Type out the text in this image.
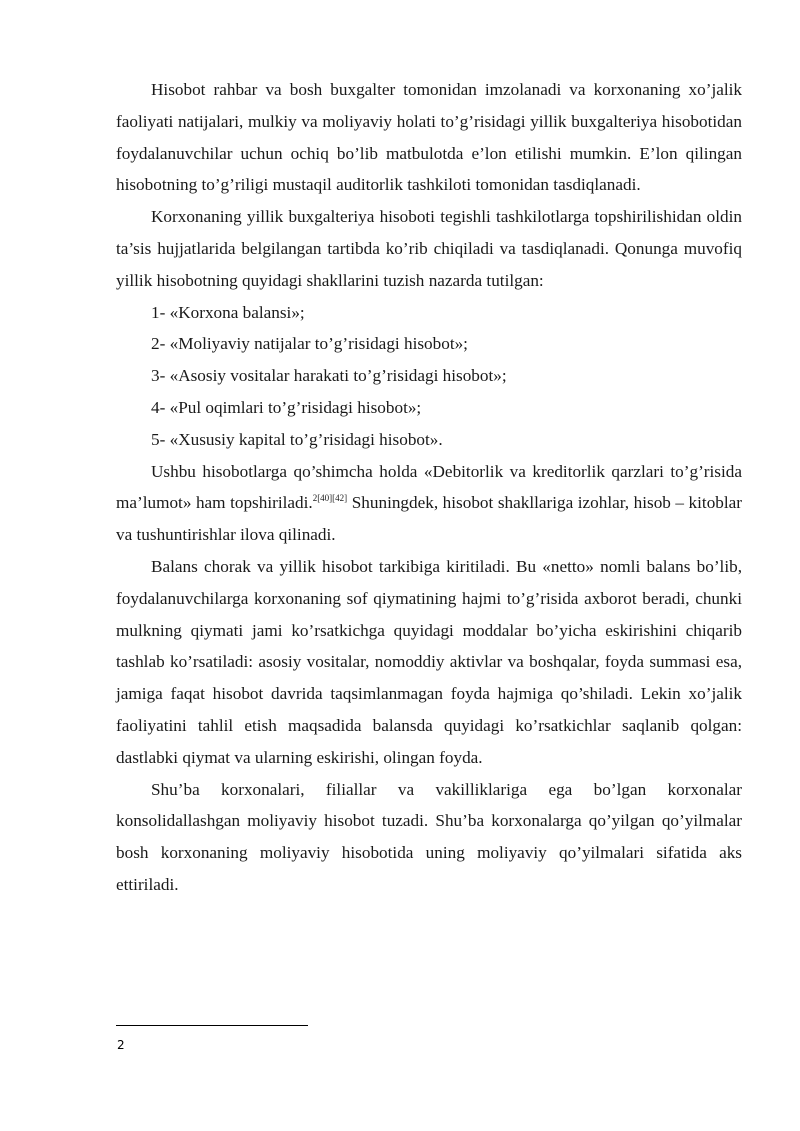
Hisobot rahbar va bosh buxgalter tomonidan imzolanadi va korxonaning xo’jalik faoliyati natijalari, mulkiy va moliyaviy holati to’g’risidagi yillik buxgalteriya hisobotidan foydalanuvchilar uchun ochiq bo’lib matbulotda e’lon etilishi mumkin. E’lon qilingan hisobotning to’g’riligi mustaqil auditorlik tashkiloti tomonidan tasdiqlanadi.

Korxonaning yillik buxgalteriya hisoboti tegishli tashkilotlarga topshirilishidan oldin ta’sis hujjatlarida belgilangan tartibda ko’rib chiqiladi va tasdiqlanadi. Qonunga muvofiq yillik hisobotning quyidagi shakllarini tuzish nazarda tutilgan:

1- «Korxona balansi»;

2- «Moliyaviy natijalar to’g’risidagi hisobot»;

3- «Asosiy vositalar harakati to’g’risidagi hisobot»;

4- «Pul oqimlari to’g’risidagi hisobot»;

5- «Xususiy kapital to’g’risidagi hisobot».

Ushbu hisobotlarga qo’shimcha holda «Debitorlik va kreditorlik qarzlari to’g’risida ma’lumot» ham topshiriladi.$^{2[40][42]}$ Shuningdek, hisobot shakllariga izohlar, hisob – kitoblar va tushuntirishlar ilova qilinadi.

Balans chorak va yillik hisobot tarkibiga kiritiladi. Bu «netto» nomli balans bo’lib, foydalanuvchilarga korxonaning sof qiymatining hajmi to’g’risida axborot beradi, chunki mulkning qiymati jami ko’rsatkichga quyidagi moddalar bo’yicha eskirishini chiqarib tashlab ko’rsatiladi: asosiy vositalar, nomoddiy aktivlar va boshqalar, foyda summasi esa, jamiga faqat hisobot davrida taqsimlanmagan foyda hajmiga qo’shiladi. Lekin xo’jalik faoliyatini tahlil etish maqsadida balansda quyidagi ko’rsatkichlar saqlanib qolgan: dastlabki qiymat va ularning eskirishi, olingan foyda.

Shu’ba korxonalari, filiallar va vakilliklariga ega bo’lgan korxonalar konsolidallashgan moliyaviy hisobot tuzadi. Shu’ba korxonalarga qo’yilgan qo’yilmalar bosh korxonaning moliyaviy hisobotida uning moliyaviy qo’yilmalari sifatida aks ettiriladi.

2
